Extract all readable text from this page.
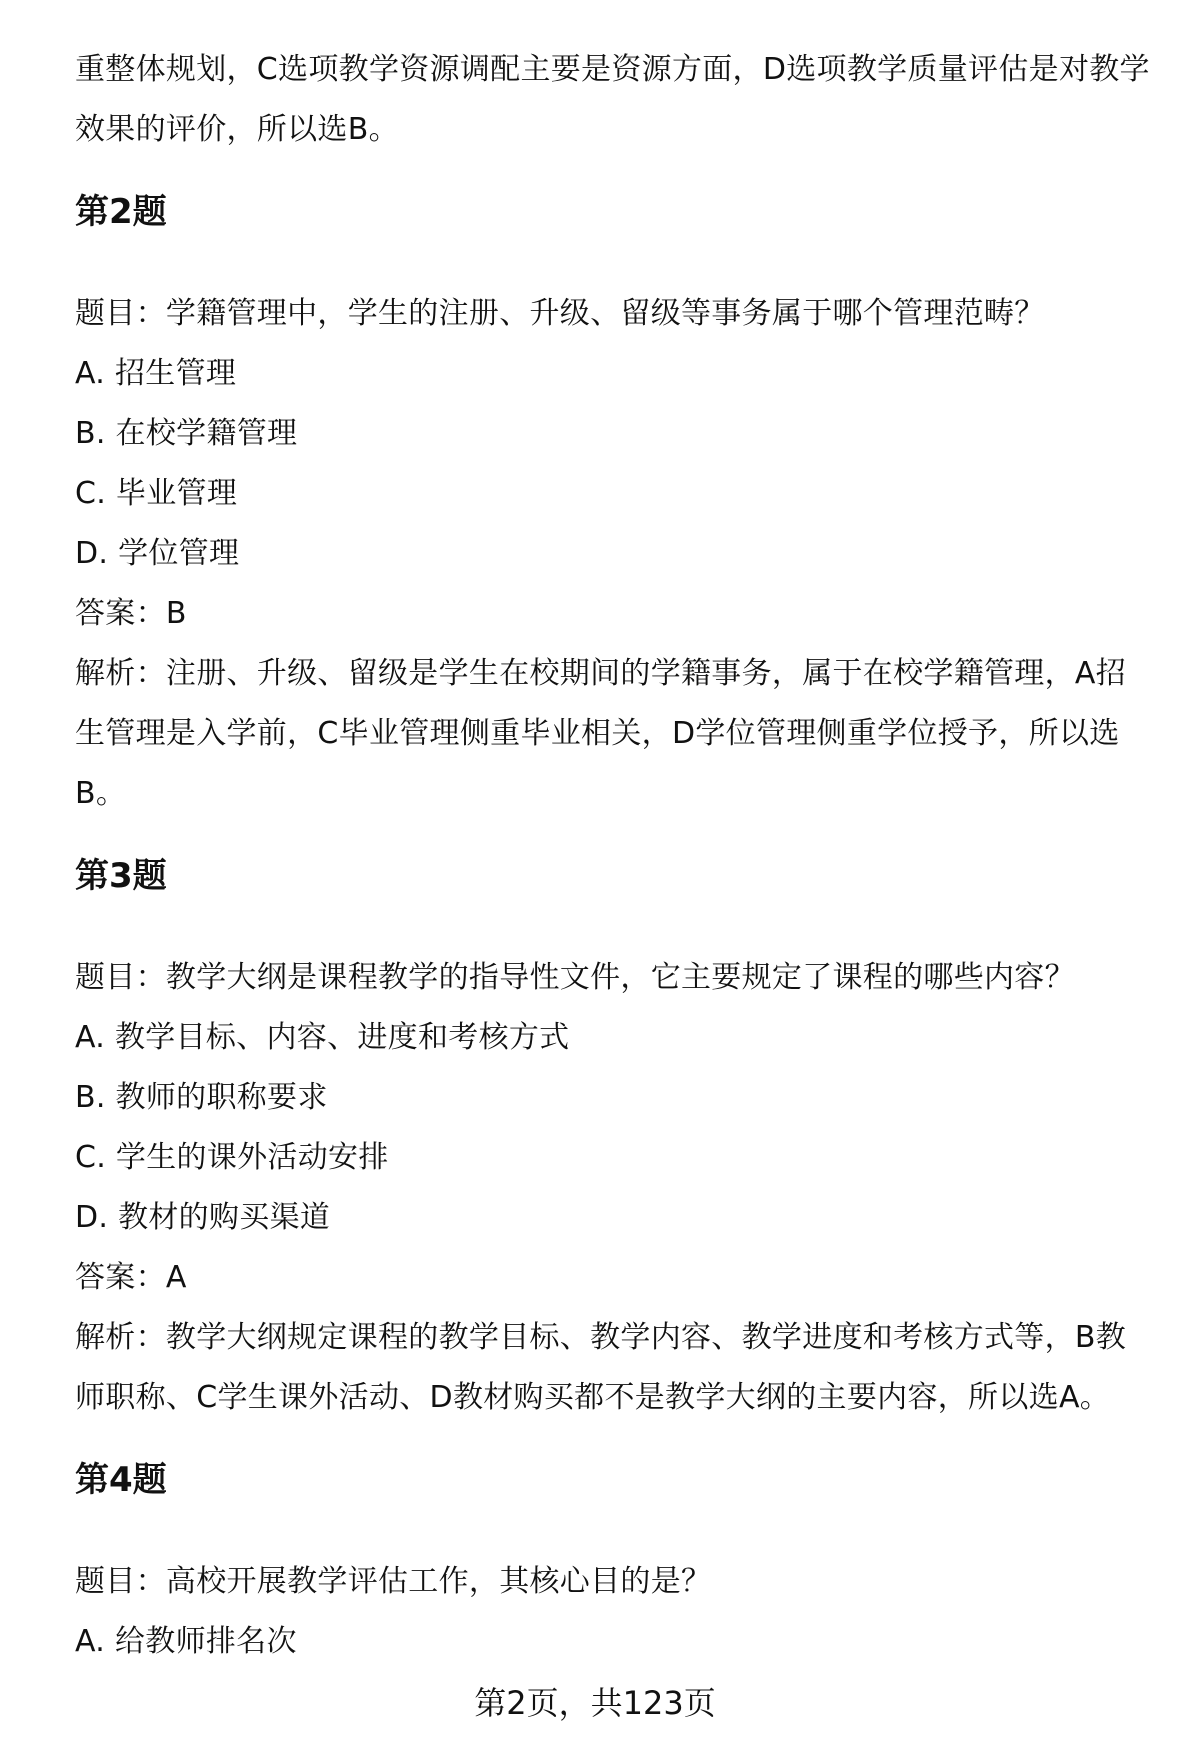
重整体规划，C选项教学资源调配主要是资源方面，D选项教学质量评估是对教学效果的评价，所以选B。

第2题

题目：学籍管理中，学生的注册、升级、留级等事务属于哪个管理范畴？

A. 招生管理

B. 在校学籍管理

C. 毕业管理

D. 学位管理

答案：B

解析：注册、升级、留级是学生在校期间的学籍事务，属于在校学籍管理，A招生管理是入学前，C毕业管理侧重毕业相关，D学位管理侧重学位授予，所以选B。

第3题

题目：教学大纲是课程教学的指导性文件，它主要规定了课程的哪些内容？

A. 教学目标、内容、进度和考核方式

B. 教师的职称要求

C. 学生的课外活动安排

D. 教材的购买渠道

答案：A

解析：教学大纲规定课程的教学目标、教学内容、教学进度和考核方式等，B教师职称、C学生课外活动、D教材购买都不是教学大纲的主要内容，所以选A。

第4题

题目：高校开展教学评估工作，其核心目的是？

A. 给教师排名次

第2页，共123页
